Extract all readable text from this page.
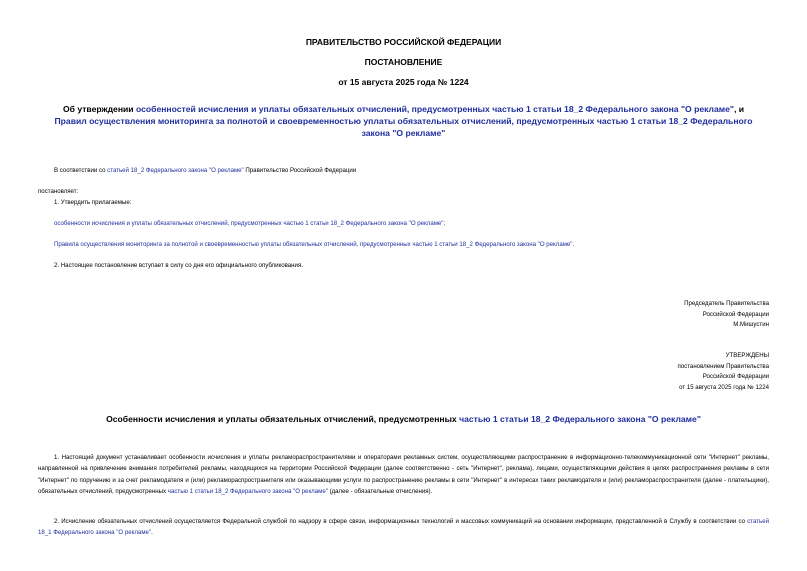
ПРАВИТЕЛЬСТВО РОССИЙСКОЙ ФЕДЕРАЦИИ
ПОСТАНОВЛЕНИЕ
от 15 августа 2025 года № 1224
Об утверждении особенностей исчисления и уплаты обязательных отчислений, предусмотренных частью 1 статьи 18_2 Федерального закона "О рекламе", и Правил осуществления мониторинга за полнотой и своевременностью уплаты обязательных отчислений, предусмотренных частью 1 статьи 18_2 Федерального закона "О рекламе"
В соответствии со статьей 18_2 Федерального закона "О рекламе" Правительство Российской Федерации
постановляет:
1. Утвердить прилагаемые:
особенности исчисления и уплаты обязательных отчислений, предусмотренных частью 1 статьи 18_2 Федерального закона "О рекламе";
Правила осуществления мониторинга за полнотой и своевременностью уплаты обязательных отчислений, предусмотренных частью 1 статьи 18_2 Федерального закона "О рекламе".
2. Настоящее постановление вступает в силу со дня его официального опубликования.
Председатель Правительства
Российской Федерации
М.Мишустин
УТВЕРЖДЕНЫ
постановлением Правительства
Российской Федерации
от 15 августа 2025 года № 1224
Особенности исчисления и уплаты обязательных отчислений, предусмотренных частью 1 статьи 18_2 Федерального закона "О рекламе"
1. Настоящий документ устанавливает особенности исчисления и уплаты рекламораспространителями и операторами рекламных систем, осуществляющими распространение в информационно-телекоммуникационной сети "Интернет" рекламы, направленной на привлечение внимания потребителей рекламы, находящихся на территории Российской Федерации (далее соответственно - сеть "Интернет", реклама), лицами, осуществляющими действия в целях распространения рекламы в сети "Интернет" по поручению и за счет рекламодателя и (или) рекламораспространителя или оказывающими услуги по распространению рекламы в сети "Интернет" в интересах таких рекламодателя и (или) рекламораспространителя (далее - плательщики), обязательных отчислений, предусмотренных частью 1 статьи 18_2 Федерального закона "О рекламе" (далее - обязательные отчисления).
2. Исчисление обязательных отчислений осуществляется Федеральной службой по надзору в сфере связи, информационных технологий и массовых коммуникаций на основании информации, представленной в Службу в соответствии со статьей 18_1 Федерального закона "О рекламе".
